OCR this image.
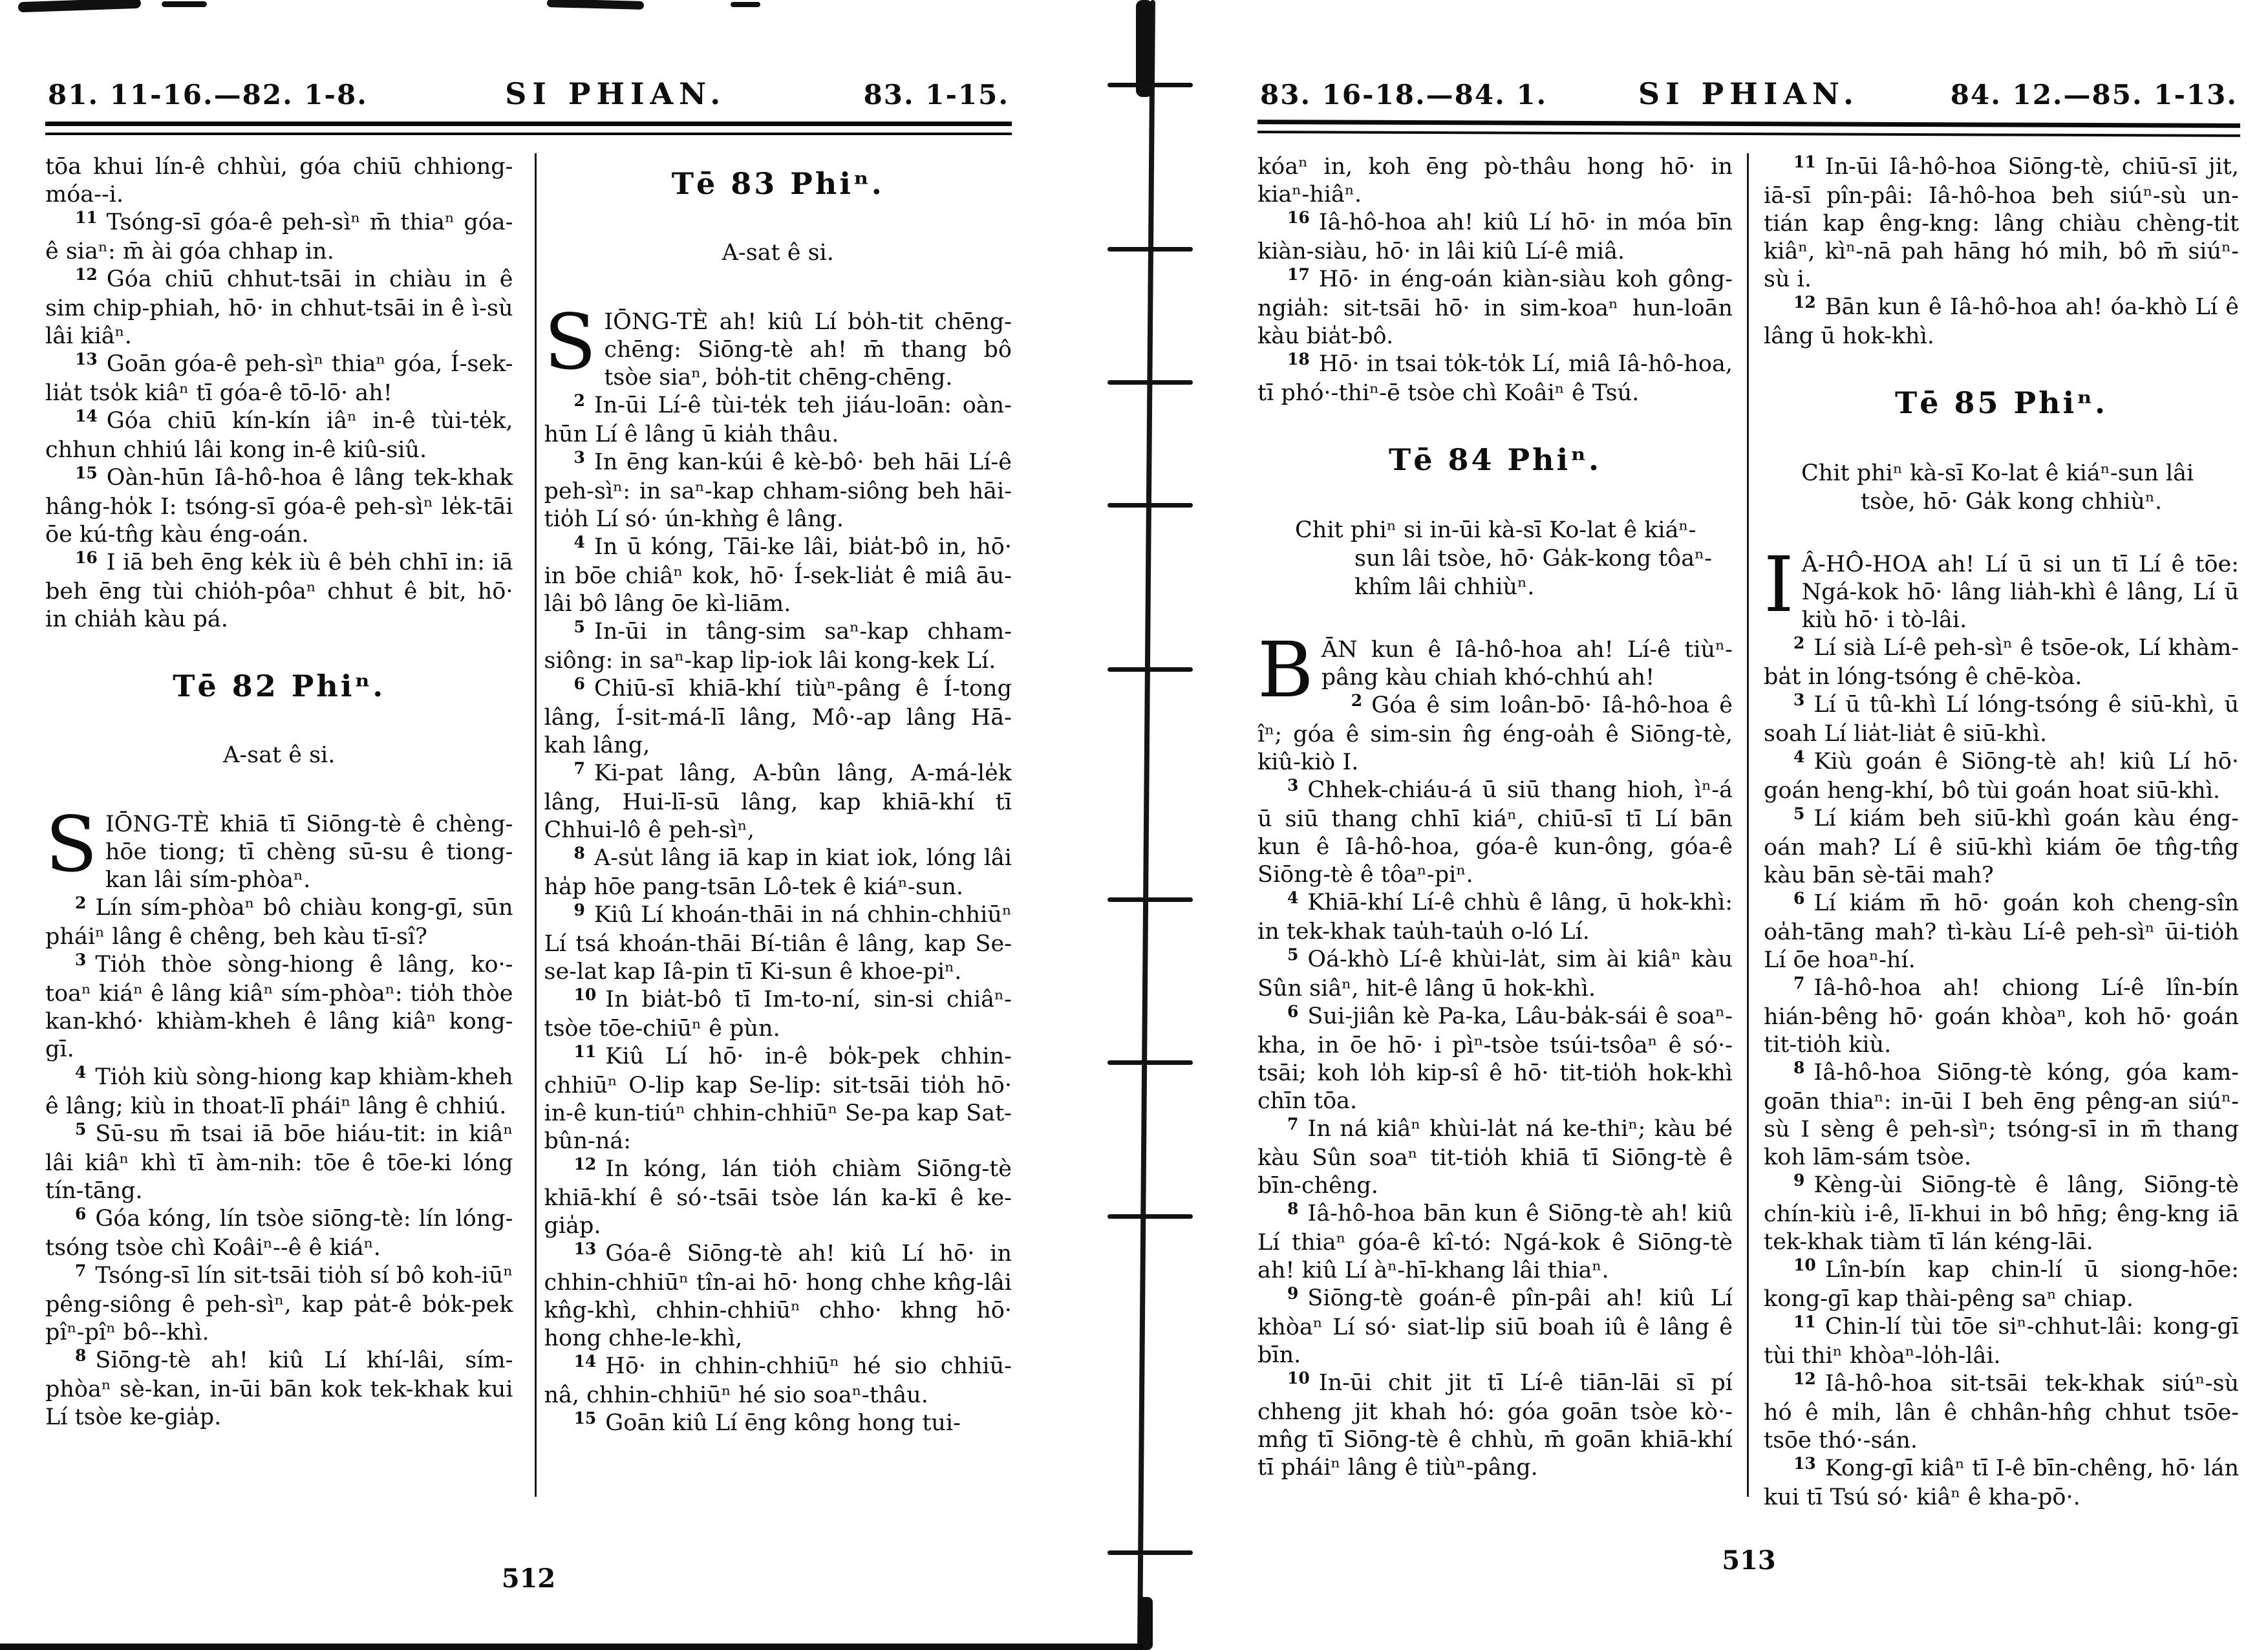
81. 11-16.—82. 1-8.	SI PHIAN.	83. 1-15.

tōa khui lín-ê chhùi, góa chiū chhiong-móa--i.

11 Tsóng-sī góa-ê peh-sìⁿ m̄ thiaⁿ góa-ê siaⁿ: m̄ ài góa chhap in.

12 Góa chiū chhut-tsāi in chiàu in ê sim chip-phiah, hō· in chhut-tsāi in ê ì-sù lâi kiâⁿ.

13 Goān góa-ê peh-sìⁿ thiaⁿ góa, Í-sek-lia̍t tso̍k kiâⁿ tī góa-ê tō-lō· ah!

14 Góa chiū kín-kín iâⁿ in-ê tùi-te̍k, chhun chhiú lâi kong in-ê kiû-siû.

15 Oàn-hūn Iâ-hô-hoa ê lâng tek-khak hâng-ho̍k I: tsóng-sī góa-ê peh-sìⁿ le̍k-tāi ōe kú-tn̂g kàu éng-oán.

16 I iā beh ēng ke̍k iù ê be̍h chhī in: iā beh ēng tùi chio̍h-pôaⁿ chhut ê bi̍t, hō· in chia̍h kàu pá.

Tē 82 Phiⁿ.
A-sat ê si.

SIŌNG-TÈ khiā tī Siōng-tè ê chèng-hōe tiong; tī chèng sū-su ê tiong-kan lâi sím-phòaⁿ.

2 Lín sím-phòaⁿ bô chiàu kong-gī, sūn pháiⁿ lâng ê chêng, beh kàu tī-sî?

3 Tio̍h thòe sòng-hiong ê lâng, ko·-toaⁿ kiáⁿ ê lâng kiâⁿ sím-phòaⁿ: tio̍h thòe kan-khó· khiàm-kheh ê lâng kiâⁿ kong-gī.

4 Tio̍h kiù sòng-hiong kap khiàm-kheh ê lâng; kiù in thoat-lī pháiⁿ lâng ê chhiú.

5 Sū-su m̄ tsai iā bōe hiáu-tit: in kiâⁿ lâi kiâⁿ khì tī àm-nih: tōe ê tōe-ki lóng tín-tāng.

6 Góa kóng, lín tsòe siōng-tè: lín lóng-tsóng tsòe chì Koâiⁿ--ê ê kiáⁿ.

7 Tsóng-sī lín sit-tsāi tio̍h sí bô koh-iūⁿ pêng-siông ê peh-sìⁿ, kap pa̍t-ê bo̍k-pek pîⁿ-pîⁿ bô--khì.

8 Siōng-tè ah! kiû Lí khí-lâi, sím-phòaⁿ sè-kan, in-ūi bān kok tek-khak kui Lí tsòe ke-gia̍p.

Tē 83 Phiⁿ.
A-sat ê si.

SIŌNG-TÈ ah! kiû Lí bo̍h-tit chēng-chēng: Siōng-tè ah! m̄ thang bô tsòe siaⁿ, bo̍h-tit chēng-chēng.

2 In-ūi Lí-ê tùi-te̍k teh jiáu-loān: oàn-hūn Lí ê lâng ū kia̍h thâu.

3 In ēng kan-kúi ê kè-bô· beh hāi Lí-ê peh-sìⁿ: in saⁿ-kap chham-siông beh hāi-tio̍h Lí só· ún-khǹg ê lâng.

4 In ū kóng, Tāi-ke lâi, bia̍t-bô in, hō· in bōe chiâⁿ kok, hō· Í-sek-lia̍t ê miâ āu-lâi bô lâng ōe kì-liām.

5 In-ūi in tâng-sim saⁿ-kap chham-siông: in saⁿ-kap li̍p-iok lâi kong-kek Lí.

6 Chiū-sī khiā-khí tiùⁿ-pâng ê Í-tong lâng, Í-sit-má-lī lâng, Mô·-ap lâng Hā-kah lâng,

7 Ki-pat lâng, A-bûn lâng, A-má-le̍k lâng, Hui-lī-sū lâng, kap khiā-khí tī Chhui-lô ê peh-sìⁿ,

8 A-su̍t lâng iā kap in kiat iok, lóng lâi ha̍p hōe pang-tsān Lô-tek ê kiáⁿ-sun.

9 Kiû Lí khoán-thāi in ná chhin-chhiūⁿ Lí tsá khoán-thāi Bí-tiân ê lâng, kap Se-se-lat kap Iâ-pin tī Ki-sun ê khoe-piⁿ.

10 In bia̍t-bô tī Im-to-ní, sin-si chiâⁿ-tsòe tōe-chiūⁿ ê pùn.

11 Kiû Lí hō· in-ê bo̍k-pek chhin-chhiūⁿ O-lip kap Se-lip: sit-tsāi tio̍h hō· in-ê kun-tiúⁿ chhin-chhiūⁿ Se-pa kap Sat-bûn-ná:

12 In kóng, lán tio̍h chiàm Siōng-tè khiā-khí ê só·-tsāi tsòe lán ka-kī ê ke-gia̍p.

13 Góa-ê Siōng-tè ah! kiû Lí hō· in chhin-chhiūⁿ tîn-ai hō· hong chhe kn̂g-lâi kn̂g-khì, chhin-chhiūⁿ chho· khng hō· hong chhe-le-khì,

14 Hō· in chhin-chhiūⁿ hé sio chhiū-nâ, chhin-chhiūⁿ hé sio soaⁿ-thâu.

15 Goān kiû Lí ēng kông hong tui-

512
83. 16-18.—84. 1.	SI PHIAN.	84. 12.—85. 1-13.

kóaⁿ in, koh ēng pò-thâu hong hō· in kiaⁿ-hiâⁿ.

16 Iâ-hô-hoa ah! kiû Lí hō· in móa bīn kiàn-siàu, hō· in lâi kiû Lí-ê miâ.

17 Hō· in éng-oán kiàn-siàu koh gông-ngia̍h: sit-tsāi hō· in sim-koaⁿ hun-loān kàu bia̍t-bô.

18 Hō· in tsai to̍k-to̍k Lí, miâ Iâ-hô-hoa, tī phó·-thiⁿ-ē tsòe chì Koâiⁿ ê Tsú.

Tē 84 Phiⁿ.

Chit phiⁿ si in-ūi kà-sī Ko-lat ê kiáⁿ-sun lâi tsòe, hō· Ga̍k-kong tôaⁿ-khîm lâi chhiùⁿ.

BĀN kun ê Iâ-hô-hoa ah! Lí-ê tiùⁿ-pâng kàu chiah khó-chhú ah!

2 Góa ê sim loân-bō· Iâ-hô-hoa ê îⁿ; góa ê sim-sin n̂g éng-oa̍h ê Siōng-tè, kiû-kiò I.

3 Chhek-chiáu-á ū siū thang hioh, ìⁿ-á ū siū thang chhī kiáⁿ, chiū-sī tī Lí bān kun ê Iâ-hô-hoa, góa-ê kun-ông, góa-ê Siōng-tè ê tôaⁿ-piⁿ.

4 Khiā-khí Lí-ê chhù ê lâng, ū hok-khì: in tek-khak tau̍h-tau̍h o-ló Lí.

5 Oá-khò Lí-ê khùi-la̍t, sim ài kiâⁿ kàu Sûn siâⁿ, hit-ê lâng ū hok-khì.

6 Sui-jiân kè Pa-ka, Lâu-ba̍k-sái ê soaⁿ-kha, in ōe hō· i pìⁿ-tsòe tsúi-tsôaⁿ ê só·-tsāi; koh lo̍h kip-sî ê hō· tit-tio̍h hok-khì chīn tōa.

7 In ná kiâⁿ khùi-la̍t ná ke-thiⁿ; kàu bé kàu Sûn soaⁿ tit-tio̍h khiā tī Siōng-tè ê bīn-chêng.

8 Iâ-hô-hoa bān kun ê Siōng-tè ah! kiû Lí thiaⁿ góa-ê kî-tó: Ngá-kok ê Siōng-tè ah! kiû Lí àⁿ-hī-khang lâi thiaⁿ.

9 Siōng-tè goán-ê pîn-pâi ah! kiû Lí khòaⁿ Lí só· siat-li̍p siū boah iû ê lâng ê bīn.

10 In-ūi chit jit tī Lí-ê tiān-lāi sī pí chheng jit khah hó: góa goān tsòe kò·-mn̂g tī Siōng-tè ê chhù, m̄ goān khiā-khí tī pháiⁿ lâng ê tiùⁿ-pâng.

11 In-ūi Iâ-hô-hoa Siōng-tè, chiū-sī jit, iā-sī pîn-pâi: Iâ-hô-hoa beh siúⁿ-sù un-tián kap êng-kng: lâng chiàu chèng-ti̍t kiâⁿ, kìⁿ-nā pah hāng hó mi̍h, bô m̄ siúⁿ-sù i.

12 Bān kun ê Iâ-hô-hoa ah! óa-khò Lí ê lâng ū hok-khì.

Tē 85 Phiⁿ.

Chit phiⁿ kà-sī Ko-lat ê kiáⁿ-sun lâi tsòe, hō· Ga̍k kong chhiùⁿ.

I Â-HÔ-HOA ah! Lí ū si un tī Lí ê tōe: Ngá-kok hō· lâng lia̍h-khì ê lâng, Lí ū kiù hō· i tò-lâi.

2 Lí sià Lí-ê peh-sìⁿ ê tsōe-ok, Lí khàm-ba̍t in lóng-tsóng ê chē-kòa.

3 Lí ū tû-khì Lí lóng-tsóng ê siū-khì, ū soah Lí lia̍t-lia̍t ê siū-khì.

4 Kiù goán ê Siōng-tè ah! kiû Lí hō· goán heng-khí, bô tùi goán hoat siū-khì.

5 Lí kiám beh siū-khì goán kàu éng-oán mah? Lí ê siū-khì kiám ōe tn̂g-tn̂g kàu bān sè-tāi mah?

6 Lí kiám m̄ hō· goán koh cheng-sîn oa̍h-tāng mah? tì-kàu Lí-ê peh-sìⁿ ūi-tio̍h Lí ōe hoaⁿ-hí.

7 Iâ-hô-hoa ah! chiong Lí-ê lîn-bín hián-bêng hō· goán khòaⁿ, koh hō· goán tit-tio̍h kiù.

8 Iâ-hô-hoa Siōng-tè kóng, góa kam-goān thiaⁿ: in-ūi I beh ēng pêng-an siúⁿ-sù I sèng ê peh-sìⁿ; tsóng-sī in m̄ thang koh lām-sám tsòe.

9 Kèng-ùi Siōng-tè ê lâng, Siōng-tè chín-kiù i-ê, lī-khui in bô hn̄g; êng-kng iā tek-khak tiàm tī lán kéng-lāi.

10 Lîn-bín kap chin-lí ū siong-hōe: kong-gī kap thài-pêng saⁿ chiap.

11 Chin-lí tùi tōe siⁿ-chhut-lâi: kong-gī tùi thiⁿ khòaⁿ-lo̍h-lâi.

12 Iâ-hô-hoa sit-tsāi tek-khak siúⁿ-sù hó ê mi̍h, lân ê chhân-hn̂g chhut tsōe-tsōe thó·-sán.

13 Kong-gī kiâⁿ tī I-ê bīn-chêng, hō· lán kui tī Tsú só· kiâⁿ ê kha-pō·.

513
